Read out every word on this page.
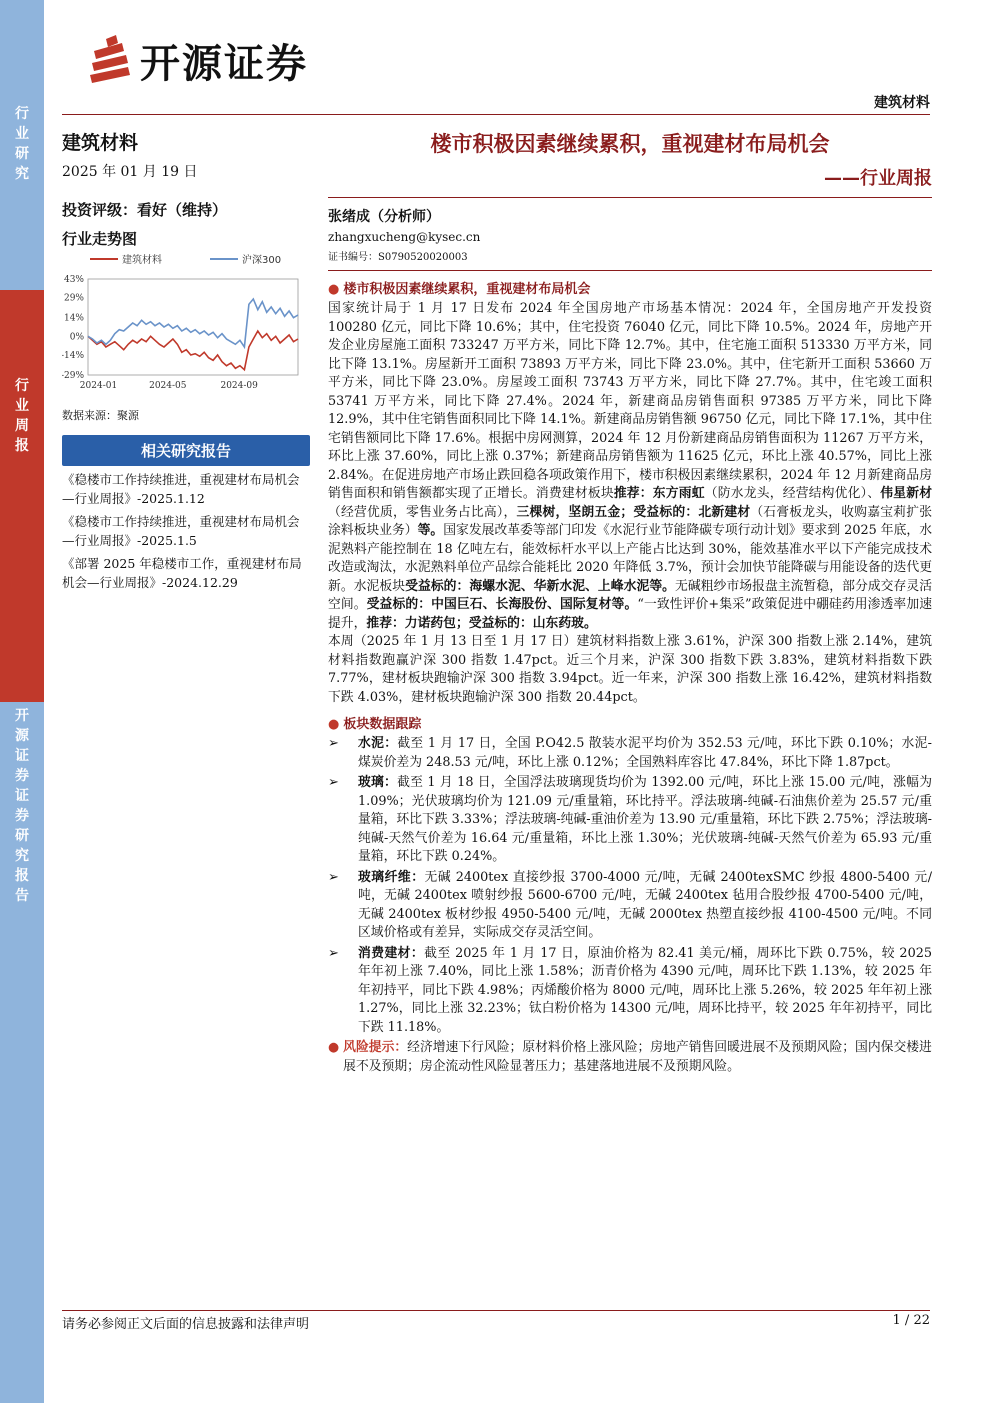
行
业
研
究
行
业
周
报
开
源
证
券
证
券
研
究
报
告
开源证券
建筑材料
建筑材料
2025 年 01 月 19 日
投资评级：看好（维持）
行业走势图
建筑材料	沪深300
43%
29%
14%
0%
-14%
-29%
2024-01	2024-05	2024-09
数据来源：聚源
相关研究报告
《稳楼市工作持续推进，重视建材布局机会—行业周报》-2025.1.12
《稳楼市工作持续推进，重视建材布局机会—行业周报》-2025.1.5
《部署 2025 年稳楼市工作，重视建材布局机会—行业周报》-2024.12.29
楼市积极因素继续累积，重视建材布局机会
——行业周报
张绪成（分析师）
zhangxucheng@kysec.cn
证书编号：S0790520020003
● 楼市积极因素继续累积，重视建材布局机会

国家统计局于 1 月 17 日发布 2024 年全国房地产市场基本情况：2024 年，全国房地产开发投资 100280 亿元，同比下降 10.6%；其中，住宅投资 76040 亿元，同比下降 10.5%。2024 年，房地产开发企业房屋施工面积 733247 万平方米，同比下降 12.7%。其中，住宅施工面积 513330 万平方米，同比下降 13.1%。房屋新开工面积 73893 万平方米，同比下降 23.0%。其中，住宅新开工面积 53660 万平方米，同比下降 23.0%。房屋竣工面积 73743 万平方米，同比下降 27.7%。其中，住宅竣工面积 53741 万平方米，同比下降 27.4%。2024 年，新建商品房销售面积 97385 万平方米，同比下降 12.9%，其中住宅销售面积同比下降 14.1%。新建商品房销售额 96750 亿元，同比下降 17.1%，其中住宅销售额同比下降 17.6%。根据中房网测算，2024 年 12 月份新建商品房销售面积为 11267 万平方米，环比上涨 37.60%，同比上涨 0.37%；新建商品房销售额为 11625 亿元，环比上涨 40.57%，同比上涨 2.84%。在促进房地产市场止跌回稳各项政策作用下，楼市积极因素继续累积，2024 年 12 月新建商品房销售面积和销售额都实现了正增长。消费建材板块推荐：东方雨虹（防水龙头，经营结构优化）、伟星新材（经营优质，零售业务占比高），三棵树，坚朗五金；受益标的：北新建材（石膏板龙头，收购嘉宝莉扩张涂料板块业务）等。国家发展改革委等部门印发《水泥行业节能降碳专项行动计划》要求到 2025 年底，水泥熟料产能控制在 18 亿吨左右，能效标杆水平以上产能占比达到 30%，能效基准水平以下产能完成技术改造或淘汰，水泥熟料单位产品综合能耗比 2020 年降低 3.7%，预计会加快节能降碳与用能设备的迭代更新。水泥板块受益标的：海螺水泥、华新水泥、上峰水泥等。无碱粗纱市场报盘主流暂稳，部分成交存灵活空间。受益标的：中国巨石、长海股份、国际复材等。“一致性评价+集采”政策促进中硼硅药用渗透率加速提升，推荐：力诺药包；受益标的：山东药玻。

本周（2025 年 1 月 13 日至 1 月 17 日）建筑材料指数上涨 3.61%，沪深 300 指数上涨 2.14%，建筑材料指数跑赢沪深 300 指数 1.47pct。近三个月来，沪深 300 指数下跌 3.83%，建筑材料指数下跌 7.77%，建材板块跑输沪深 300 指数 3.94pct。近一年来，沪深 300 指数上涨 16.42%，建筑材料指数下跌 4.03%，建材板块跑输沪深 300 指数 20.44pct。

● 板块数据跟踪
➢	水泥：截至 1 月 17 日，全国 P.O42.5 散装水泥平均价为 352.53 元/吨，环比下跌 0.10%；水泥-煤炭价差为 248.53 元/吨，环比上涨 0.12%；全国熟料库容比 47.84%，环比下降 1.87pct。
➢	玻璃：截至 1 月 18 日，全国浮法玻璃现货均价为 1392.00 元/吨，环比上涨 15.00 元/吨，涨幅为 1.09%；光伏玻璃均价为 121.09 元/重量箱，环比持平。浮法玻璃-纯碱-石油焦价差为 25.57 元/重量箱，环比下跌 3.33%；浮法玻璃-纯碱-重油价差为 13.90 元/重量箱，环比下跌 2.75%；浮法玻璃-纯碱-天然气价差为 16.64 元/重量箱，环比上涨 1.30%；光伏玻璃-纯碱-天然气价差为 65.93 元/重量箱，环比下跌 0.24%。
➢	玻璃纤维：无碱 2400tex 直接纱报 3700-4000 元/吨，无碱 2400texSMC 纱报 4800-5400 元/吨，无碱 2400tex 喷射纱报 5600-6700 元/吨，无碱 2400tex 毡用合股纱报 4700-5400 元/吨，无碱 2400tex 板材纱报 4950-5400 元/吨，无碱 2000tex 热塑直接纱报 4100-4500 元/吨。不同区域价格或有差异，实际成交存灵活空间。
➢	消费建材：截至 2025 年 1 月 17 日，原油价格为 82.41 美元/桶，周环比下跌 0.75%，较 2025 年年初上涨 7.40%，同比上涨 1.58%；沥青价格为 4390 元/吨，周环比下跌 1.13%，较 2025 年年初持平，同比下跌 4.98%；丙烯酸价格为 8000 元/吨，周环比上涨 5.26%，较 2025 年年初上涨 1.27%，同比上涨 32.23%；钛白粉价格为 14300 元/吨，周环比持平，较 2025 年年初持平，同比下跌 11.18%。
● 风险提示：经济增速下行风险；原材料价格上涨风险；房地产销售回暖进展不及预期风险；国内保交楼进展不及预期；房企流动性风险显著压力；基建落地进展不及预期风险。
请务必参阅正文后面的信息披露和法律声明	1 / 22
